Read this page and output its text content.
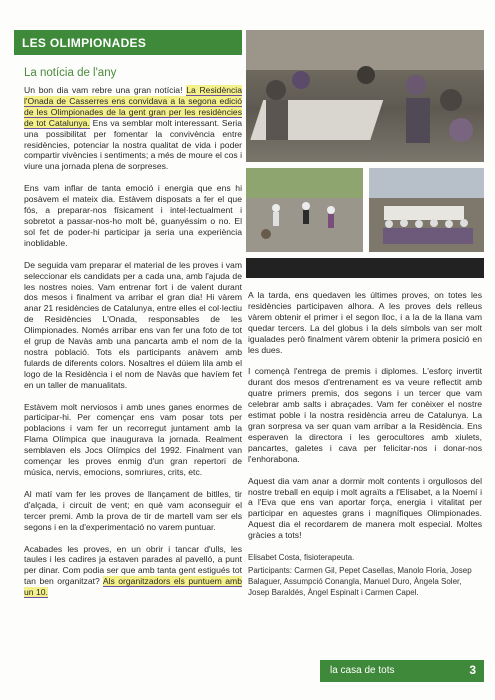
LES OLIMPIONADES
La notícia de l'any

Un bon dia vam rebre una gran notícia! La Residència l'Onada de Casserres ens convidava a la segona edició de les Olimpionades de la gent gran per les residències de tot Catalunya. Ens va semblar molt interessant. Seria una possibilitat per fomentar la convivència entre residències, potenciar la nostra qualitat de vida i poder compartir vivències i sentiments; a més de moure el cos i viure una jornada plena de sorpreses.

Ens vam inflar de tanta emoció i energia que ens hi posàvem el mateix dia. Estàvem disposats a fer el que fós, a preparar-nos físicament i intel·lectualment i sobretot a passar-nos-ho molt bé, guanyéssim o no. El sol fet de poder-hi participar ja seria una experiència inoblidable.

De seguida vam preparar el material de les proves i vam seleccionar els candidats per a cada una, amb l'ajuda de les nostres noies. Vam entrenar fort i de valent durant dos mesos i finalment va arribar el gran dia! Hi vàrem anar 21 residències de Catalunya, entre elles el col·lectiu de Residències L'Onada, responsables de les Olimpionades. Només arribar ens van fer una foto de tot el grup de Navàs amb una pancarta amb el nom de la nostra població. Tots els participants anàvem amb fulards de diferents colors. Nosaltres el dúiem lila amb el logo de la Residència i el nom de Navàs que havíem fet en un taller de manualitats.

Estàvem molt nerviosos i amb unes ganes enormes de participar-hi. Per començar ens vam posar tots per poblacions i vam fer un recorregut juntament amb la Flama Olímpica que inaugurava la jornada. Realment semblaven els Jocs Olímpics del 1992. Finalment van començar les proves enmig d'un gran repertori de música, nervis, emocions, somriures, crits, etc.

Al matí vam fer les proves de llançament de bitlles, tir d'alçada, i circuit de vent; en què vam aconseguir el tercer premi. Amb la prova de tir de martell vam ser els segons i en la d'experimentació no varem puntuar.

Acabades les proves, en un obrir i tancar d'ulls, les taules i les cadires ja estaven parades al pavelló, a punt per dinar. Com podia ser que amb tanta gent estigués tot tan ben organitzat? Als organitzadors els puntuem amb un 10.

A la tarda, ens quedaven les últimes proves, on totes les residències participaven alhora. A les proves dels relleus vàrem obtenir el primer i el segon lloc, i a la de la llana vam quedar tercers. La del globus i la dels símbols van ser molt igualades però finalment vàrem obtenir la primera posició en les dues.

I començà l'entrega de premis i diplomes. L'esforç invertit durant dos mesos d'entrenament es va veure reflectit amb quatre primers premis, dos segons i un tercer que vam celebrar amb salts i abraçades. Vam fer conèixer el nostre estimat poble i la nostra residència arreu de Catalunya. La gran sorpresa va ser quan vam arribar a la Residència. Ens esperaven la directora i les gerocultores amb xiulets, pancartes, galetes i cava per felicitar-nos i donar-nos l'enhorabona.

Aquest dia vam anar a dormir molt contents i orgullosos del nostre treball en equip i molt agraïts a l'Elisabet, a la Noemí i a l'Eva que ens van aportar força, energia i vitalitat per participar en aquestes grans i magnífiques Olimpionades. Aquest dia el recordarem de manera molt especial. Moltes gràcies a tots!

Elisabet Costa, fisioterapeuta.
Participants: Carmen Gil, Pepet Casellas, Manolo Floria, Josep Balaguer, Assumpció Conangla, Manuel Duro, Àngela Soler, Josep Baraldés, Àngel Espinalt i Carmen Capel.
la casa de tots	3
